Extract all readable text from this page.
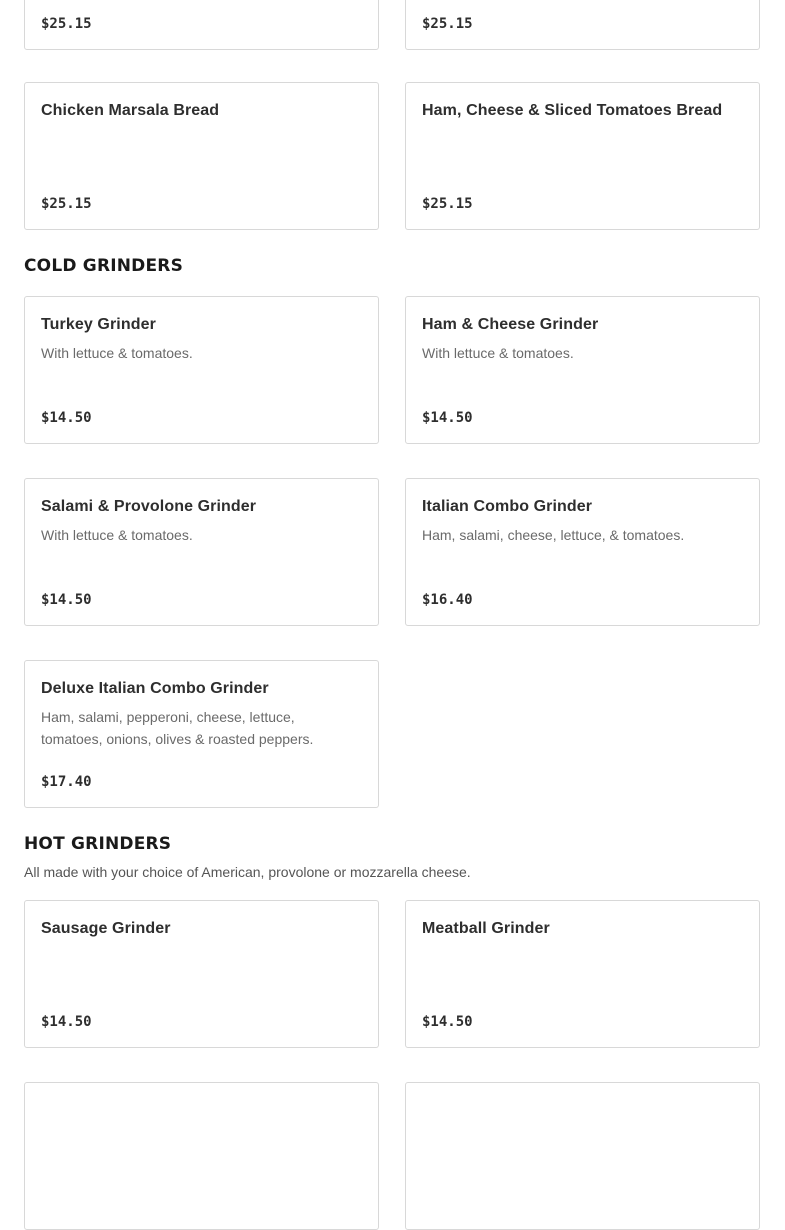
$25.15	$25.15
Chicken Marsala Bread
$25.15
Ham, Cheese & Sliced Tomatoes Bread
$25.15
COLD GRINDERS
Turkey Grinder
With lettuce & tomatoes.
$14.50
Ham & Cheese Grinder
With lettuce & tomatoes.
$14.50
Salami & Provolone Grinder
With lettuce & tomatoes.
$14.50
Italian Combo Grinder
Ham, salami, cheese, lettuce, & tomatoes.
$16.40
Deluxe Italian Combo Grinder
Ham, salami, pepperoni, cheese, lettuce, tomatoes, onions, olives & roasted peppers.
$17.40
HOT GRINDERS
All made with your choice of American, provolone or mozzarella cheese.
Sausage Grinder
$14.50
Meatball Grinder
$14.50
